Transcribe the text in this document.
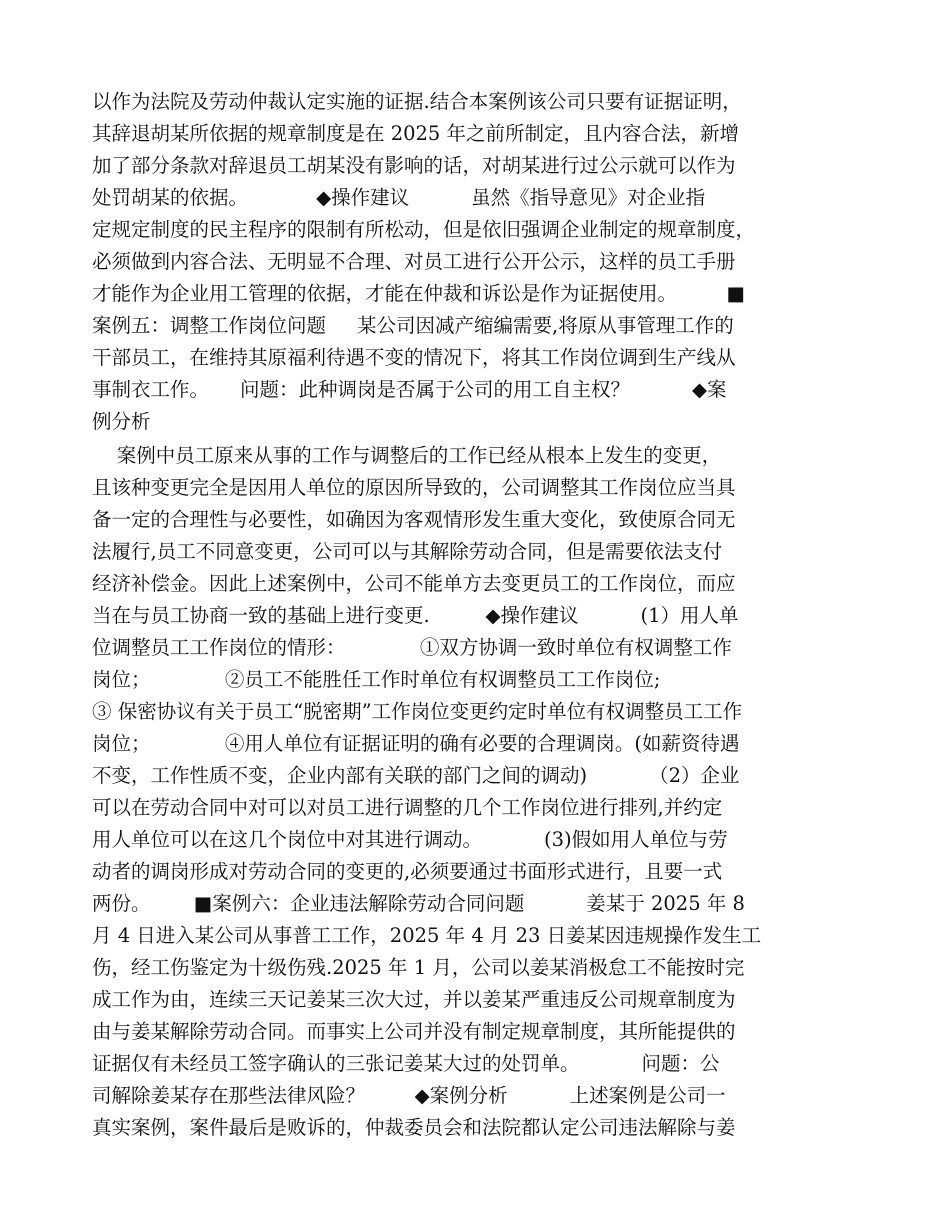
以作为法院及劳动仲裁认定实施的证据.结合本案例该公司只要有证据证明，
其辞退胡某所依据的规章制度是在 2025 年之前所制定，且内容合法，新增
加了部分条款对辞退员工胡某没有影响的话，对胡某进行过公示就可以作为
处罚胡某的依据。           ◆操作建议          虽然《指导意见》对企业指
定规定制度的民主程序的限制有所松动，但是依旧强调企业制定的规章制度，
必须做到内容合法、无明显不合理、对员工进行公开公示，这样的员工手册
才能作为企业用工管理的依据，才能在仲裁和诉讼是作为证据使用。        ■
案例五：调整工作岗位问题     某公司因减产缩编需要,将原从事管理工作的
干部员工，在维持其原福利待遇不变的情况下，将其工作岗位调到生产线从
事制衣工作。     问题：此种调岗是否属于公司的用工自主权？          ◆案
例分析
案例中员工原来从事的工作与调整后的工作已经从根本上发生的变更，
且该种变更完全是因用人单位的原因所导致的，公司调整其工作岗位应当具
备一定的合理性与必要性，如确因为客观情形发生重大变化，致使原合同无
法履行,员工不同意变更，公司可以与其解除劳动合同，但是需要依法支付
经济补偿金。因此上述案例中，公司不能单方去变更员工的工作岗位，而应
当在与员工协商一致的基础上进行变更.         ◆操作建议          (1）用人单
位调整员工工作岗位的情形：            ①双方协调一致时单位有权调整工作
岗位；            ②员工不能胜任工作时单位有权调整员工工作岗位;
③ 保密协议有关于员工“脱密期”工作岗位变更约定时单位有权调整员工工作
岗位；            ④用人单位有证据证明的确有必要的合理调岗。(如薪资待遇
不变，工作性质不变，企业内部有关联的部门之间的调动)          （2）企业
可以在劳动合同中对可以对员工进行调整的几个工作岗位进行排列,并约定
用人单位可以在这几个岗位中对其进行调动。          (3)假如用人单位与劳
动者的调岗形成对劳动合同的变更的,必须要通过书面形式进行，且要一式
两份。       ■案例六：企业违法解除劳动合同问题          姜某于 2025 年 8
月 4 日进入某公司从事普工工作，2025 年 4 月 23 日姜某因违规操作发生工
伤，经工伤鉴定为十级伤残.2025 年 1 月，公司以姜某消极怠工不能按时完
成工作为由，连续三天记姜某三次大过，并以姜某严重违反公司规章制度为
由与姜某解除劳动合同。而事实上公司并没有制定规章制度，其所能提供的
证据仅有未经员工签字确认的三张记姜某大过的处罚单。          问题：公
司解除姜某存在那些法律风险？        ◆案例分析          上述案例是公司一
真实案例，案件最后是败诉的，仲裁委员会和法院都认定公司违法解除与姜
